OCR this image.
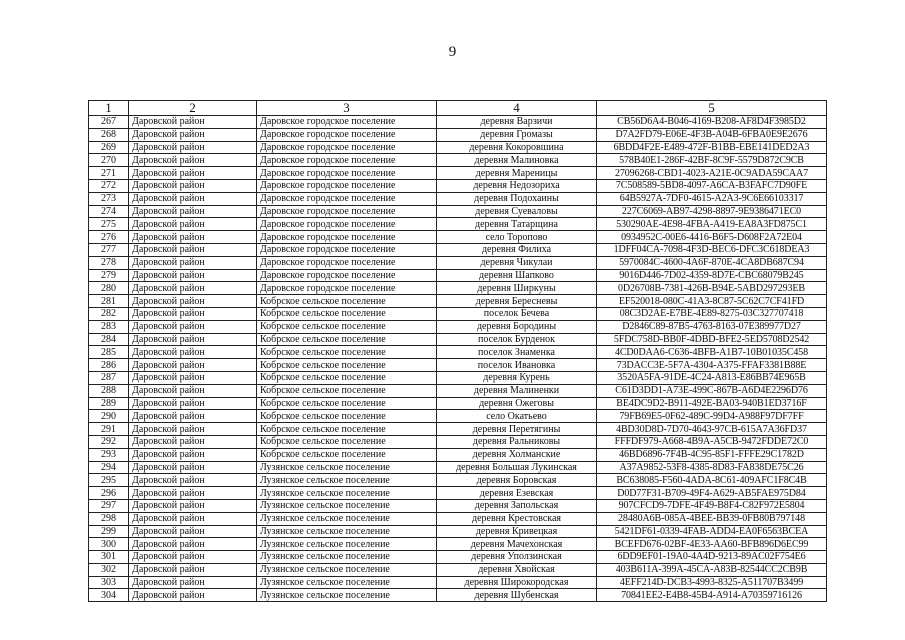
9
1	2	3	4	5
267	Даровской район	Даровское городское поселение	деревня Варзичи	CB56D6A4-B046-4169-B208-AF8D4F3985D2
268	Даровской район	Даровское городское поселение	деревня Громазы	D7A2FD79-E06E-4F3B-A04B-6FBA0E9E2676
269	Даровской район	Даровское городское поселение	деревня Кокоровшина	6BDD4F2E-E489-472F-B1BB-EBE141DED2A3
270	Даровской район	Даровское городское поселение	деревня Малиновка	578B40E1-286F-42BF-8C9F-5579D872C9CB
271	Даровской район	Даровское городское поселение	деревня Мареницы	27096268-CBD1-4023-A21E-0C9ADA59CAA7
272	Даровской район	Даровское городское поселение	деревня Недозориха	7C508589-5BD8-4097-A6CA-B3FAFC7D90FE
273	Даровской район	Даровское городское поселение	деревня Подохаины	64B5927A-7DF0-4615-A2A3-9C6E66103317
274	Даровской район	Даровское городское поселение	деревня Суеваловы	227C6069-AB97-4298-8897-9E9386471EC0
275	Даровской район	Даровское городское поселение	деревня Татарщина	530290AE-4E98-4FBA-A419-EA8A3FD875C1
276	Даровской район	Даровское городское поселение	село Торопово	0934952C-00E6-4416-B6F5-D608F2A72E04
277	Даровской район	Даровское городское поселение	деревня Филиха	1DFF04CA-7098-4F3D-BEC6-DFC3C618DEA3
278	Даровской район	Даровское городское поселение	деревня Чикулаи	5970084C-4600-4A6F-870E-4CA8DB687C94
279	Даровской район	Даровское городское поселение	деревня Шапково	9016D446-7D02-4359-8D7E-CBC68079B245
280	Даровской район	Даровское городское поселение	деревня Шиpкуны	0D26708B-7381-426B-B94E-5ABD297293EB
281	Даровской район	Кобрское сельское поселение	деревня Бересневы	EF520018-080C-41A3-8C87-5C62C7CF41FD
282	Даровской район	Кобрское сельское поселение	поселок Бечева	08C3D2AE-E7BE-4E89-8275-03C327707418
283	Даровской район	Кобрское сельское поселение	деревня Бородины	D2846C89-87B5-4763-8163-07E389977D27
284	Даровской район	Кобрское сельское поселение	поселок Бурденок	5FDC758D-BB0F-4DBD-BFE2-5ED5708D2542
285	Даровской район	Кобрское сельское поселение	поселок Знаменка	4CD0DAA6-C636-4BFB-A1B7-10B01035C458
286	Даровской район	Кобрское сельское поселение	поселок Ивановка	73DACC3E-5F7A-4304-A375-FFAF3381B88E
287	Даровской район	Кобрское сельское поселение	деревня Курень	3520A5FA-91DE-4C24-A813-E86BB74E965B
288	Даровской район	Кобрское сельское поселение	деревня Малиненки	C61D3DD1-A73E-499C-867B-A6D4E2296D76
289	Даровской район	Кобрское сельское поселение	деревня Ожеговы	BE4DC9D2-B911-492E-BA03-940B1ED3716F
290	Даровской район	Кобрское сельское поселение	село Окатьево	79FB69E5-0F62-489C-99D4-A988F97DF7FF
291	Даровской район	Кобрское сельское поселение	деревня Перетягины	4BD30D8D-7D70-4643-97CB-615A7A36FD37
292	Даровской район	Кобрское сельское поселение	деревня Ральниковы	FFFDF979-A668-4B9A-A5CB-9472FDDE72C0
293	Даровской район	Кобрское сельское поселение	деревня Холманские	46BD6896-7F4B-4C95-85F1-FFFE29C1782D
294	Даровской район	Лузянское сельское поселение	деревня Большая Лукинская	A37A9852-53F8-4385-8D83-FA838DE75C26
295	Даровской район	Лузянское сельское поселение	деревня Боровская	BC638085-F560-4ADA-8C61-409AFC1F8C4B
296	Даровской район	Лузянское сельское поселение	деревня Езевская	D0D77F31-B709-49F4-A629-AB5FAE975D84
297	Даровской район	Лузянское сельское поселение	деревня Запольская	907CFCD9-7DFE-4F49-B8F4-C82F972E5804
298	Даровской район	Лузянское сельское поселение	деревня Крестовская	28480A6B-085A-4BEE-BB39-0FB80B797148
299	Даровской район	Лузянское сельское поселение	деревня Кривецкая	5421DF61-0339-4FAB-ADD4-EA0F6563BCEA
300	Даровской район	Лузянское сельское поселение	деревня Мачехонская	BCEFD676-02BF-4E33-AA60-BFB896D6EC99
301	Даровской район	Лузянское сельское поселение	деревня Уползинская	6DD9EF01-19A0-4A4D-9213-89AC02F754E6
302	Даровской район	Лузянское сельское поселение	деревня Хвойская	403B611A-399A-45CA-A83B-82544CC2CB9B
303	Даровской район	Лузянское сельское поселение	деревня Широкородская	4EFF214D-DCB3-4993-8325-A511707B3499
304	Даровской район	Лузянское сельское поселение	деревня Шубенская	70841EE2-E4B8-45B4-A914-A70359716126
